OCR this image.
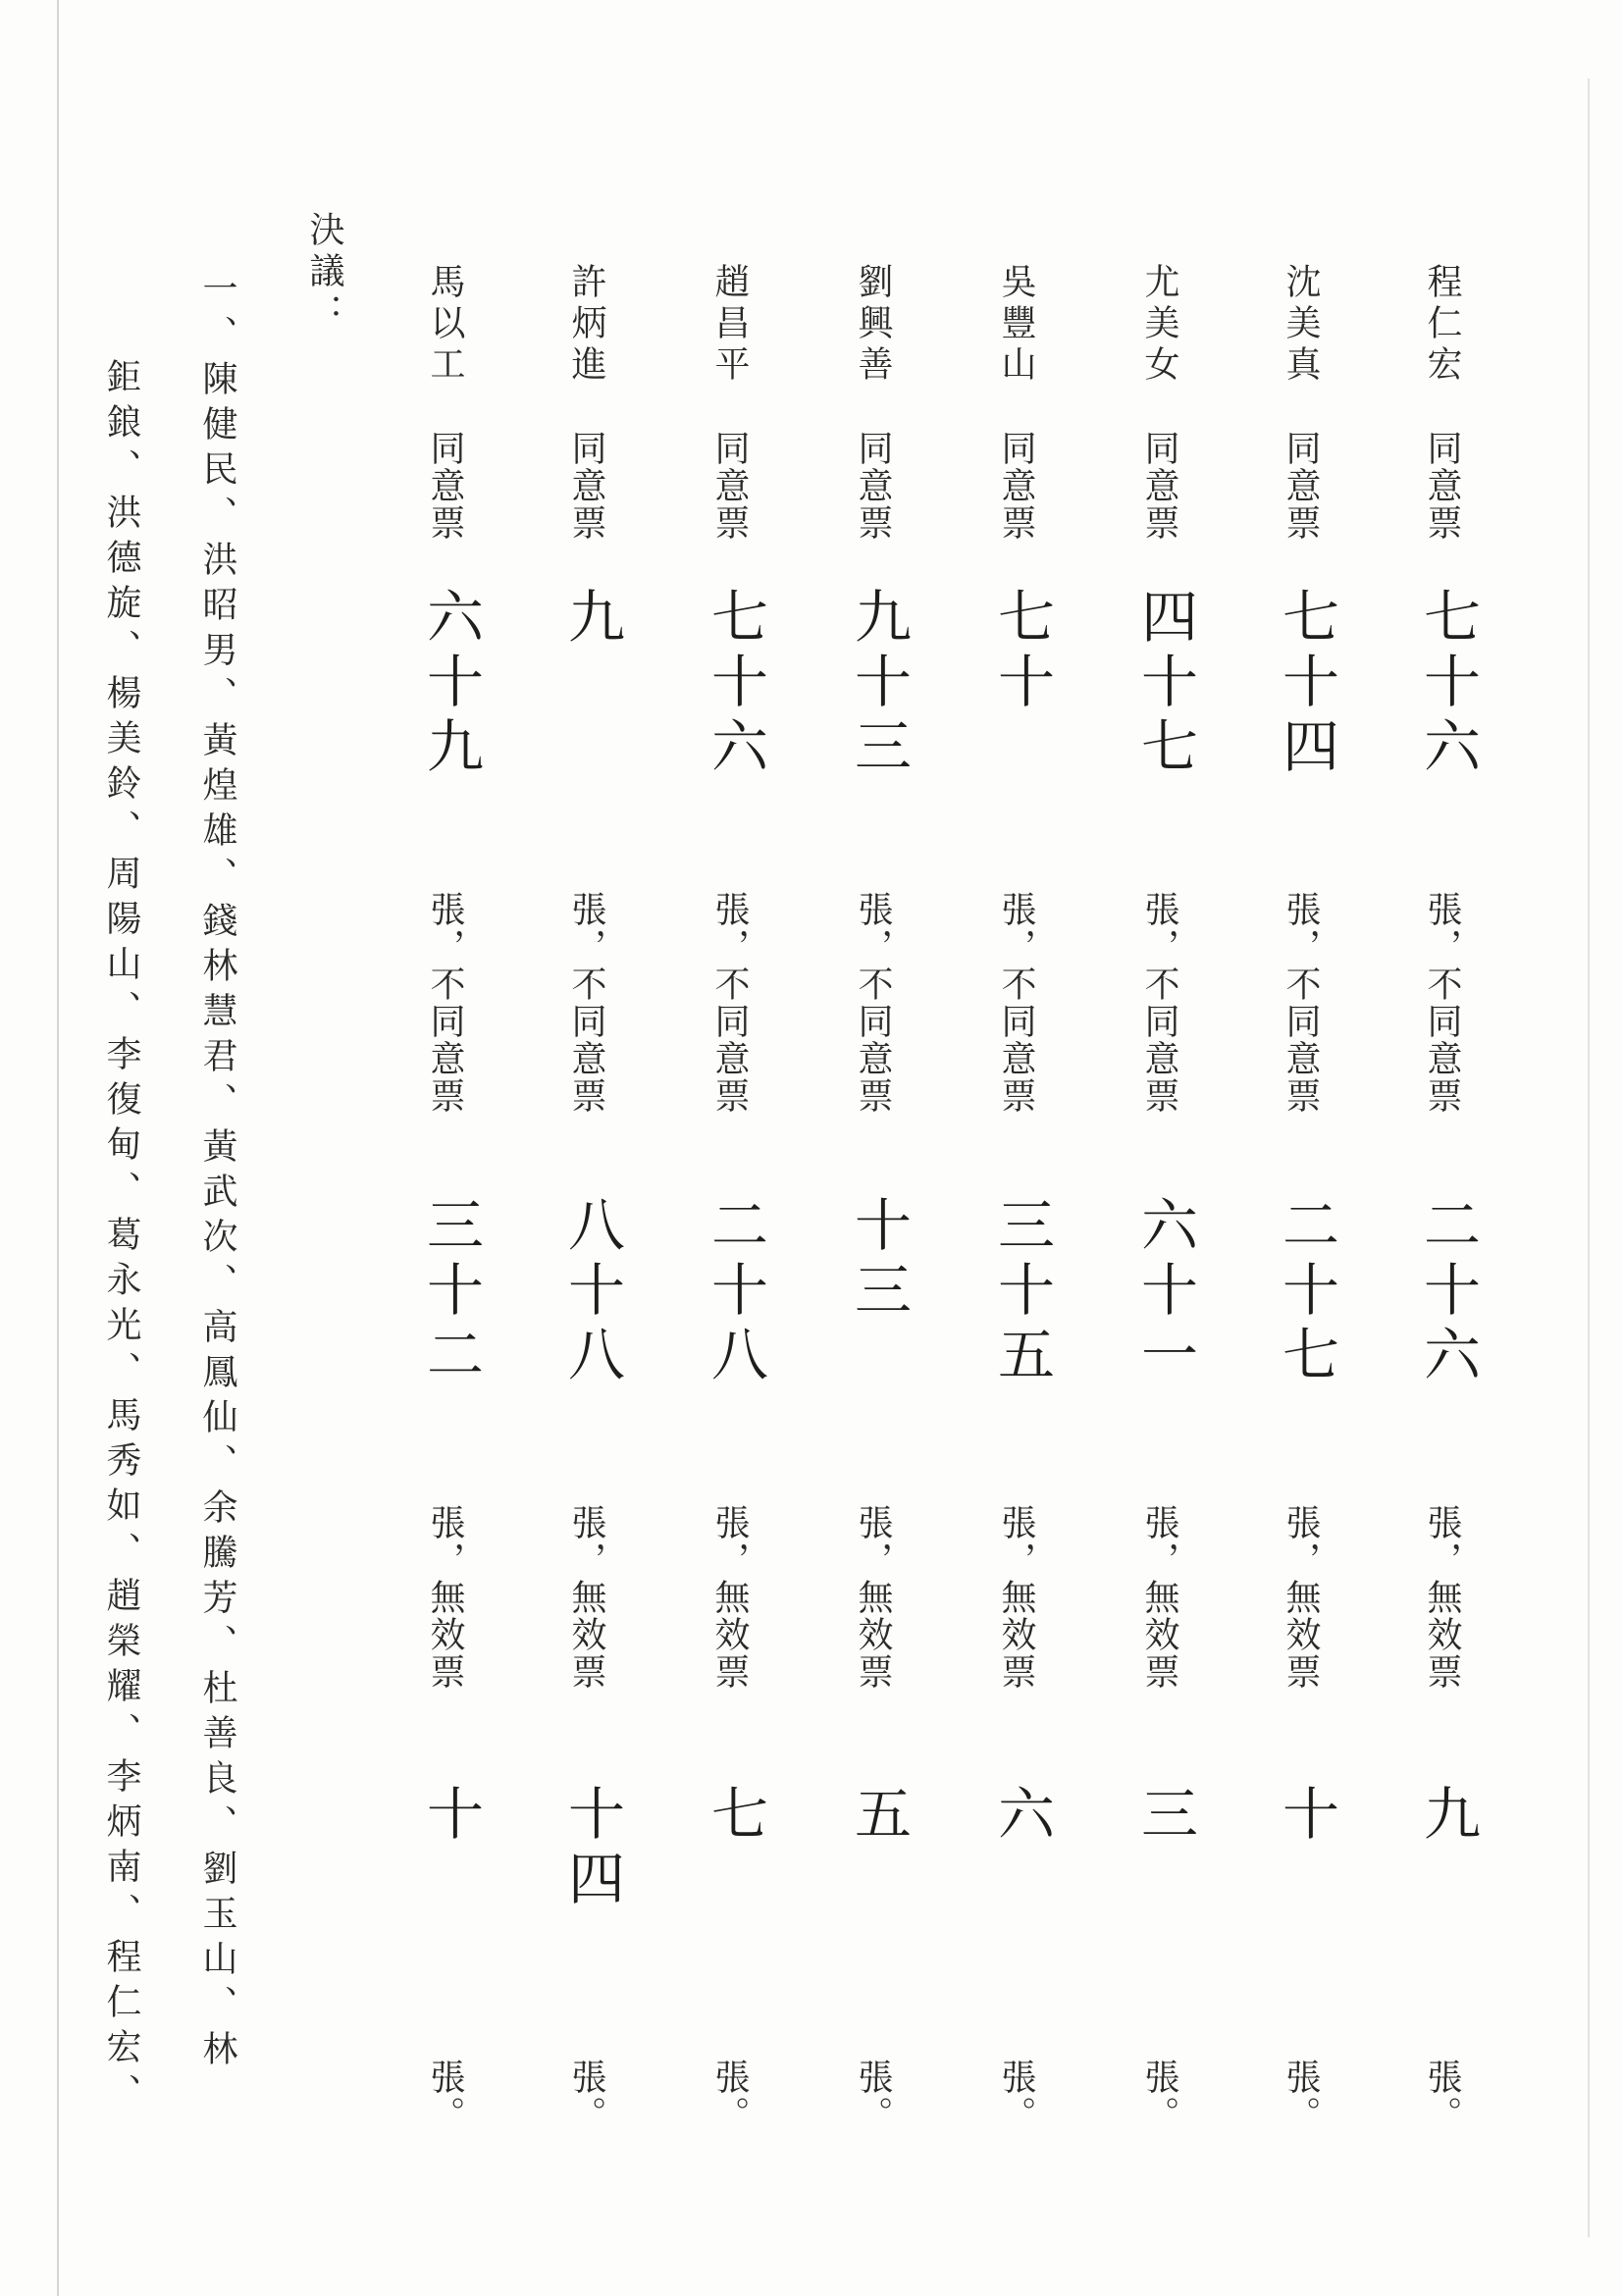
程仁宏
同意票
七十六
張，不同意票
二十六
張，無效票
九
張。
沈美真
同意票
七十四
張，不同意票
二十七
張，無效票
十
張。
尤美女
同意票
四十七
張，不同意票
六十一
張，無效票
三
張。
吳豐山
同意票
七十
張，不同意票
三十五
張，無效票
六
張。
劉興善
同意票
九十三
張，不同意票
十三
張，無效票
五
張。
趙昌平
同意票
七十六
張，不同意票
二十八
張，無效票
七
張。
許炳進
同意票
九
張，不同意票
八十八
張，無效票
十四
張。
馬以工
同意票
六十九
張，不同意票
三十二
張，無效票
十
張。
決議：
一、陳健民、洪昭男、黃煌雄、錢林慧君、黃武次、高鳳仙、余騰芳、杜善良、劉玉山、林
鉅鋃、洪德旋、楊美鈴、周陽山、李復甸、葛永光、馬秀如、趙榮耀、李炳南、程仁宏、
